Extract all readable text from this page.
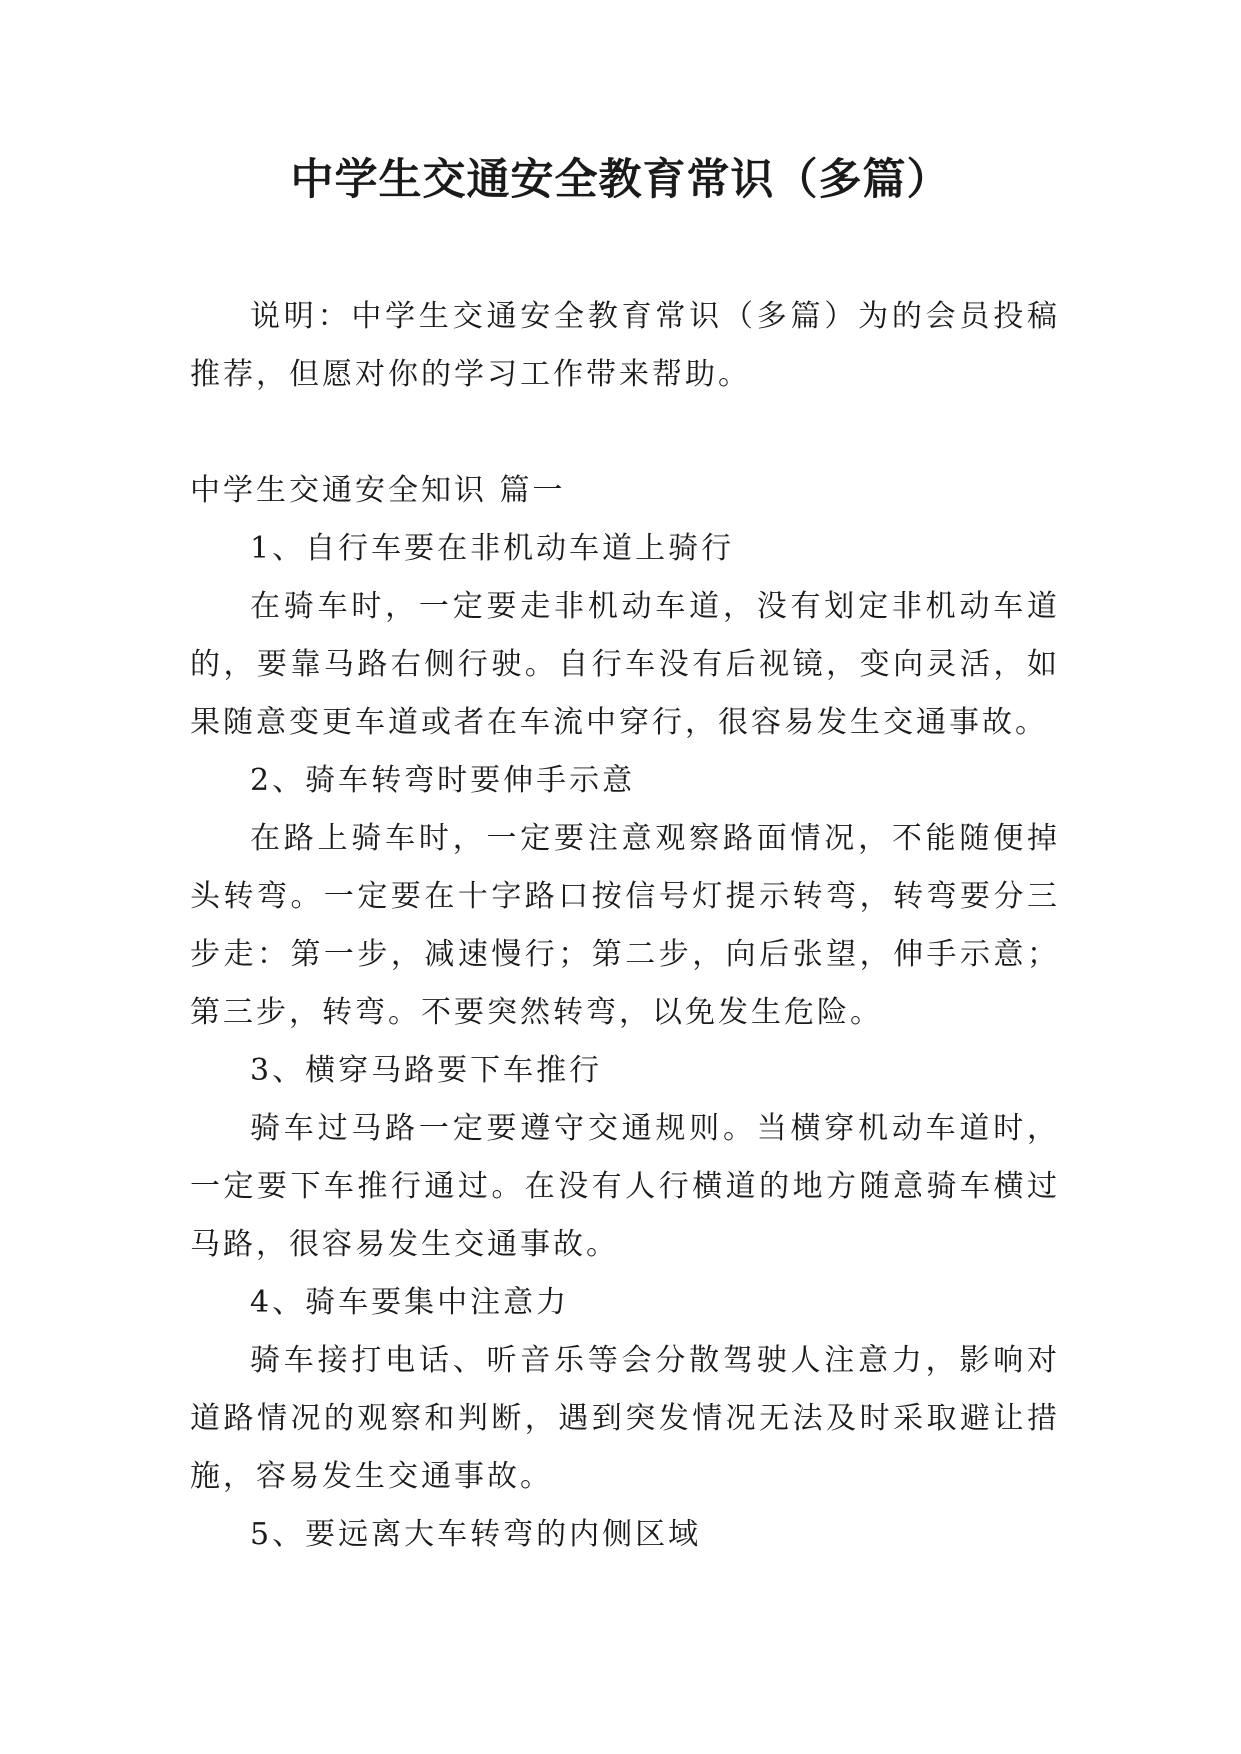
中学生交通安全教育常识（多篇）

说明：中学生交通安全教育常识（多篇）为的会员投稿推荐，但愿对你的学习工作带来帮助。

中学生交通安全知识 篇一

1、自行车要在非机动车道上骑行

在骑车时，一定要走非机动车道，没有划定非机动车道的，要靠马路右侧行驶。自行车没有后视镜，变向灵活，如果随意变更车道或者在车流中穿行，很容易发生交通事故。

2、骑车转弯时要伸手示意

在路上骑车时，一定要注意观察路面情况，不能随便掉头转弯。一定要在十字路口按信号灯提示转弯，转弯要分三步走：第一步，减速慢行；第二步，向后张望，伸手示意；第三步，转弯。不要突然转弯，以免发生危险。

3、横穿马路要下车推行

骑车过马路一定要遵守交通规则。当横穿机动车道时，一定要下车推行通过。在没有人行横道的地方随意骑车横过马路，很容易发生交通事故。

4、骑车要集中注意力

骑车接打电话、听音乐等会分散驾驶人注意力，影响对道路情况的观察和判断，遇到突发情况无法及时采取避让措施，容易发生交通事故。

5、要远离大车转弯的内侧区域
